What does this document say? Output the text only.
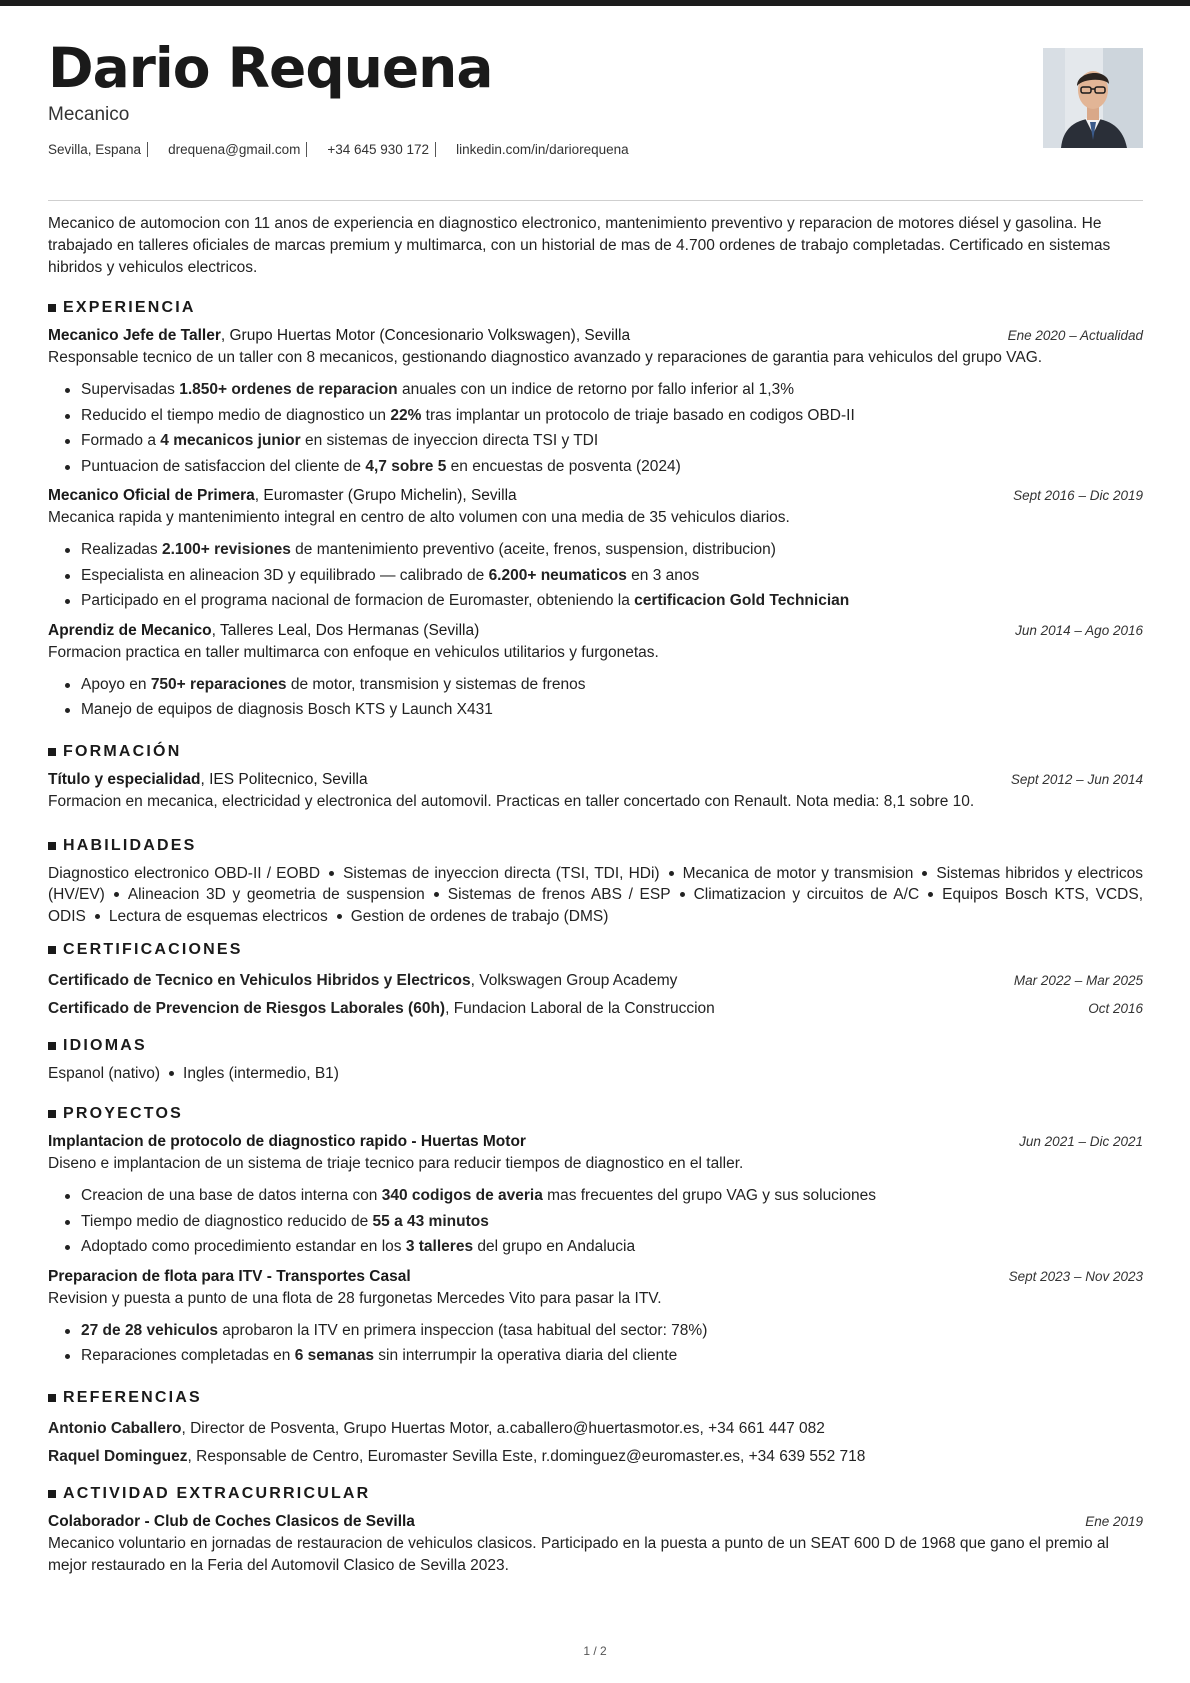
Dario Requena
Mecanico
Sevilla, Espana drequena@gmail.com +34 645 930 172 linkedin.com/in/dariorequena

Mecanico de automocion con 11 anos de experiencia en diagnostico electronico, mantenimiento preventivo y reparacion de motores diésel y gasolina. He trabajado en talleres oficiales de marcas premium y multimarca, con un historial de mas de 4.700 ordenes de trabajo completadas. Certificado en sistemas hibridos y vehiculos electricos.

EXPERIENCIA
Mecanico Jefe de Taller, Grupo Huertas Motor (Concesionario Volkswagen), Sevilla	Ene 2020 – Actualidad
Responsable tecnico de un taller con 8 mecanicos, gestionando diagnostico avanzado y reparaciones de garantia para vehiculos del grupo VAG.
Supervisadas 1.850+ ordenes de reparacion anuales con un indice de retorno por fallo inferior al 1,3%
Reducido el tiempo medio de diagnostico un 22% tras implantar un protocolo de triaje basado en codigos OBD-II
Formado a 4 mecanicos junior en sistemas de inyeccion directa TSI y TDI
Puntuacion de satisfaccion del cliente de 4,7 sobre 5 en encuestas de posventa (2024)
Mecanico Oficial de Primera, Euromaster (Grupo Michelin), Sevilla	Sept 2016 – Dic 2019
Mecanica rapida y mantenimiento integral en centro de alto volumen con una media de 35 vehiculos diarios.
Realizadas 2.100+ revisiones de mantenimiento preventivo (aceite, frenos, suspension, distribucion)
Especialista en alineacion 3D y equilibrado — calibrado de 6.200+ neumaticos en 3 anos
Participado en el programa nacional de formacion de Euromaster, obteniendo la certificacion Gold Technician
Aprendiz de Mecanico, Talleres Leal, Dos Hermanas (Sevilla)	Jun 2014 – Ago 2016
Formacion practica en taller multimarca con enfoque en vehiculos utilitarios y furgonetas.
Apoyo en 750+ reparaciones de motor, transmision y sistemas de frenos
Manejo de equipos de diagnosis Bosch KTS y Launch X431
FORMACIÓN
Título y especialidad, IES Politecnico, Sevilla	Sept 2012 – Jun 2014
Formacion en mecanica, electricidad y electronica del automovil. Practicas en taller concertado con Renault. Nota media: 8,1 sobre 10.
HABILIDADES
Diagnostico electronico OBD-II / EOBD Sistemas de inyeccion directa (TSI, TDI, HDi) Mecanica de motor y transmision Sistemas hibridos y electricos (HV/EV) Alineacion 3D y geometria de suspension Sistemas de frenos ABS / ESP Climatizacion y circuitos de A/C Equipos Bosch KTS, VCDS, ODIS Lectura de esquemas electricos Gestion de ordenes de trabajo (DMS)
CERTIFICACIONES
Certificado de Tecnico en Vehiculos Hibridos y Electricos, Volkswagen Group Academy	Mar 2022 – Mar 2025
Certificado de Prevencion de Riesgos Laborales (60h), Fundacion Laboral de la Construccion	Oct 2016
IDIOMAS
Espanol (nativo) Ingles (intermedio, B1)
PROYECTOS
Implantacion de protocolo de diagnostico rapido - Huertas Motor	Jun 2021 – Dic 2021
Diseno e implantacion de un sistema de triaje tecnico para reducir tiempos de diagnostico en el taller.
Creacion de una base de datos interna con 340 codigos de averia mas frecuentes del grupo VAG y sus soluciones
Tiempo medio de diagnostico reducido de 55 a 43 minutos
Adoptado como procedimiento estandar en los 3 talleres del grupo en Andalucia
Preparacion de flota para ITV - Transportes Casal	Sept 2023 – Nov 2023
Revision y puesta a punto de una flota de 28 furgonetas Mercedes Vito para pasar la ITV.
27 de 28 vehiculos aprobaron la ITV en primera inspeccion (tasa habitual del sector: 78%)
Reparaciones completadas en 6 semanas sin interrumpir la operativa diaria del cliente
REFERENCIAS
Antonio Caballero, Director de Posventa, Grupo Huertas Motor, a.caballero@huertasmotor.es, +34 661 447 082
Raquel Dominguez, Responsable de Centro, Euromaster Sevilla Este, r.dominguez@euromaster.es, +34 639 552 718
ACTIVIDAD EXTRACURRICULAR
Colaborador - Club de Coches Clasicos de Sevilla	Ene 2019
Mecanico voluntario en jornadas de restauracion de vehiculos clasicos. Participado en la puesta a punto de un SEAT 600 D de 1968 que gano el premio al mejor restaurado en la Feria del Automovil Clasico de Sevilla 2023.
1 / 2
